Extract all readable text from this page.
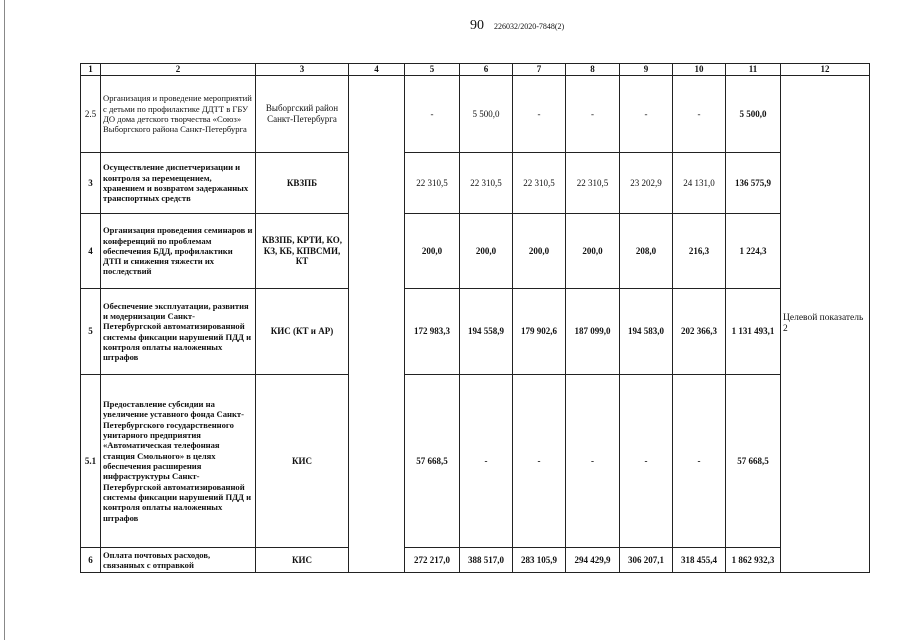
90 226032/2020-7848(2)
1	2	3	4	5	6	7	8	9	10	11	12
2.5	Организация и проведение мероприятий с детьми по профилактике ДДТТ в ГБУ ДО дома детского творчества «Союз» Выборгского района Санкт-Петербурга	Выборгский район Санкт-Петербурга		-	5 500,0	-	-	-	-	5 500,0	Целевой показатель 2
3	Осуществление диспетчеризации и контроля за перемещением, хранением и возвратом задержанных транспортных средств	КВЗПБ		22 310,5	22 310,5	22 310,5	22 310,5	23 202,9	24 131,0	136 575,9	
4	Организация проведения семинаров и конференций по проблемам обеспечения БДД, профилактики ДТП и снижения тяжести их последствий	КВЗПБ, КРТИ, КО, КЗ, КБ, КПВСМИ, КТ		200,0	200,0	200,0	200,0	208,0	216,3	1 224,3	
5	Обеспечение эксплуатации, развития и модернизации Санкт-Петербургской автоматизированной системы фиксации нарушений ПДД и контроля оплаты наложенных штрафов	КИС (КТ и АР)		172 983,3	194 558,9	179 902,6	187 099,0	194 583,0	202 366,3	1 131 493,1	
5.1	Предоставление субсидии на увеличение уставного фонда Санкт-Петербургского государственного унитарного предприятия «Автоматическая телефонная станция Смольного» в целях обеспечения расширения инфраструктуры Санкт-Петербургской автоматизированной системы фиксации нарушений ПДД и контроля оплаты наложенных штрафов	КИС		57 668,5	-	-	-	-	-	57 668,5	
6	Оплата почтовых расходов, связанных с отправкой	КИС		272 217,0	388 517,0	283 105,9	294 429,9	306 207,1	318 455,4	1 862 932,3	
